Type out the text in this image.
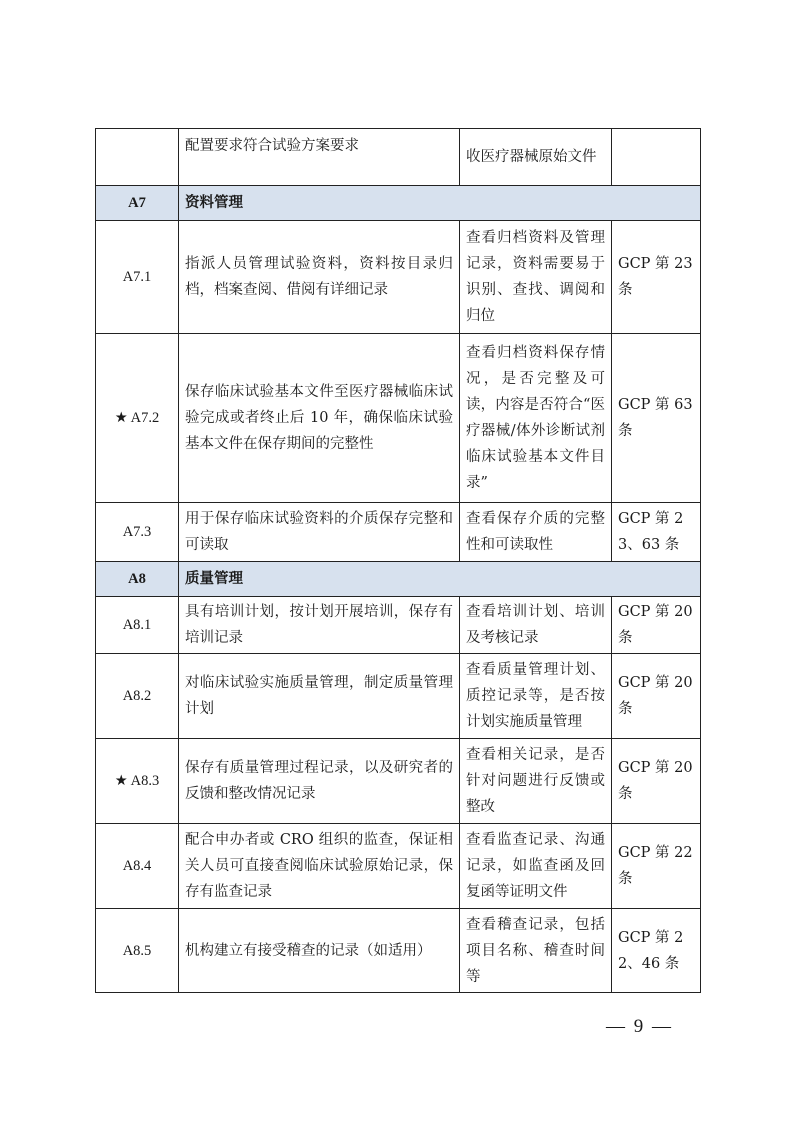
	配置要求符合试验方案要求	收医疗器械原始文件	
A7	资料管理		
A7.1	指派人员管理试验资料，资料按目录归档，档案查阅、借阅有详细记录	查看归档资料及管理记录，资料需要易于识别、查找、调阅和归位	GCP 第 23 条
★ A7.2	保存临床试验基本文件至医疗器械临床试验完成或者终止后 10 年，确保临床试验基本文件在保存期间的完整性	查看归档资料保存情况，是否完整及可读，内容是否符合“医疗器械/体外诊断试剂临床试验基本文件目录”	GCP 第 63 条
A7.3	用于保存临床试验资料的介质保存完整和可读取	查看保存介质的完整性和可读取性	GCP 第 23、63 条
A8	质量管理		
A8.1	具有培训计划，按计划开展培训，保存有培训记录	查看培训计划、培训及考核记录	GCP 第 20 条
A8.2	对临床试验实施质量管理，制定质量管理计划	查看质量管理计划、质控记录等，是否按计划实施质量管理	GCP 第 20 条
★ A8.3	保存有质量管理过程记录，以及研究者的反馈和整改情况记录	查看相关记录，是否针对问题进行反馈或整改	GCP 第 20 条
A8.4	配合申办者或 CRO 组织的监查，保证相关人员可直接查阅临床试验原始记录，保存有监查记录	查看监查记录、沟通记录，如监查函及回复函等证明文件	GCP 第 22 条
A8.5	机构建立有接受稽查的记录（如适用）	查看稽查记录，包括项目名称、稽查时间等	GCP 第 22、46 条
— 9 —
